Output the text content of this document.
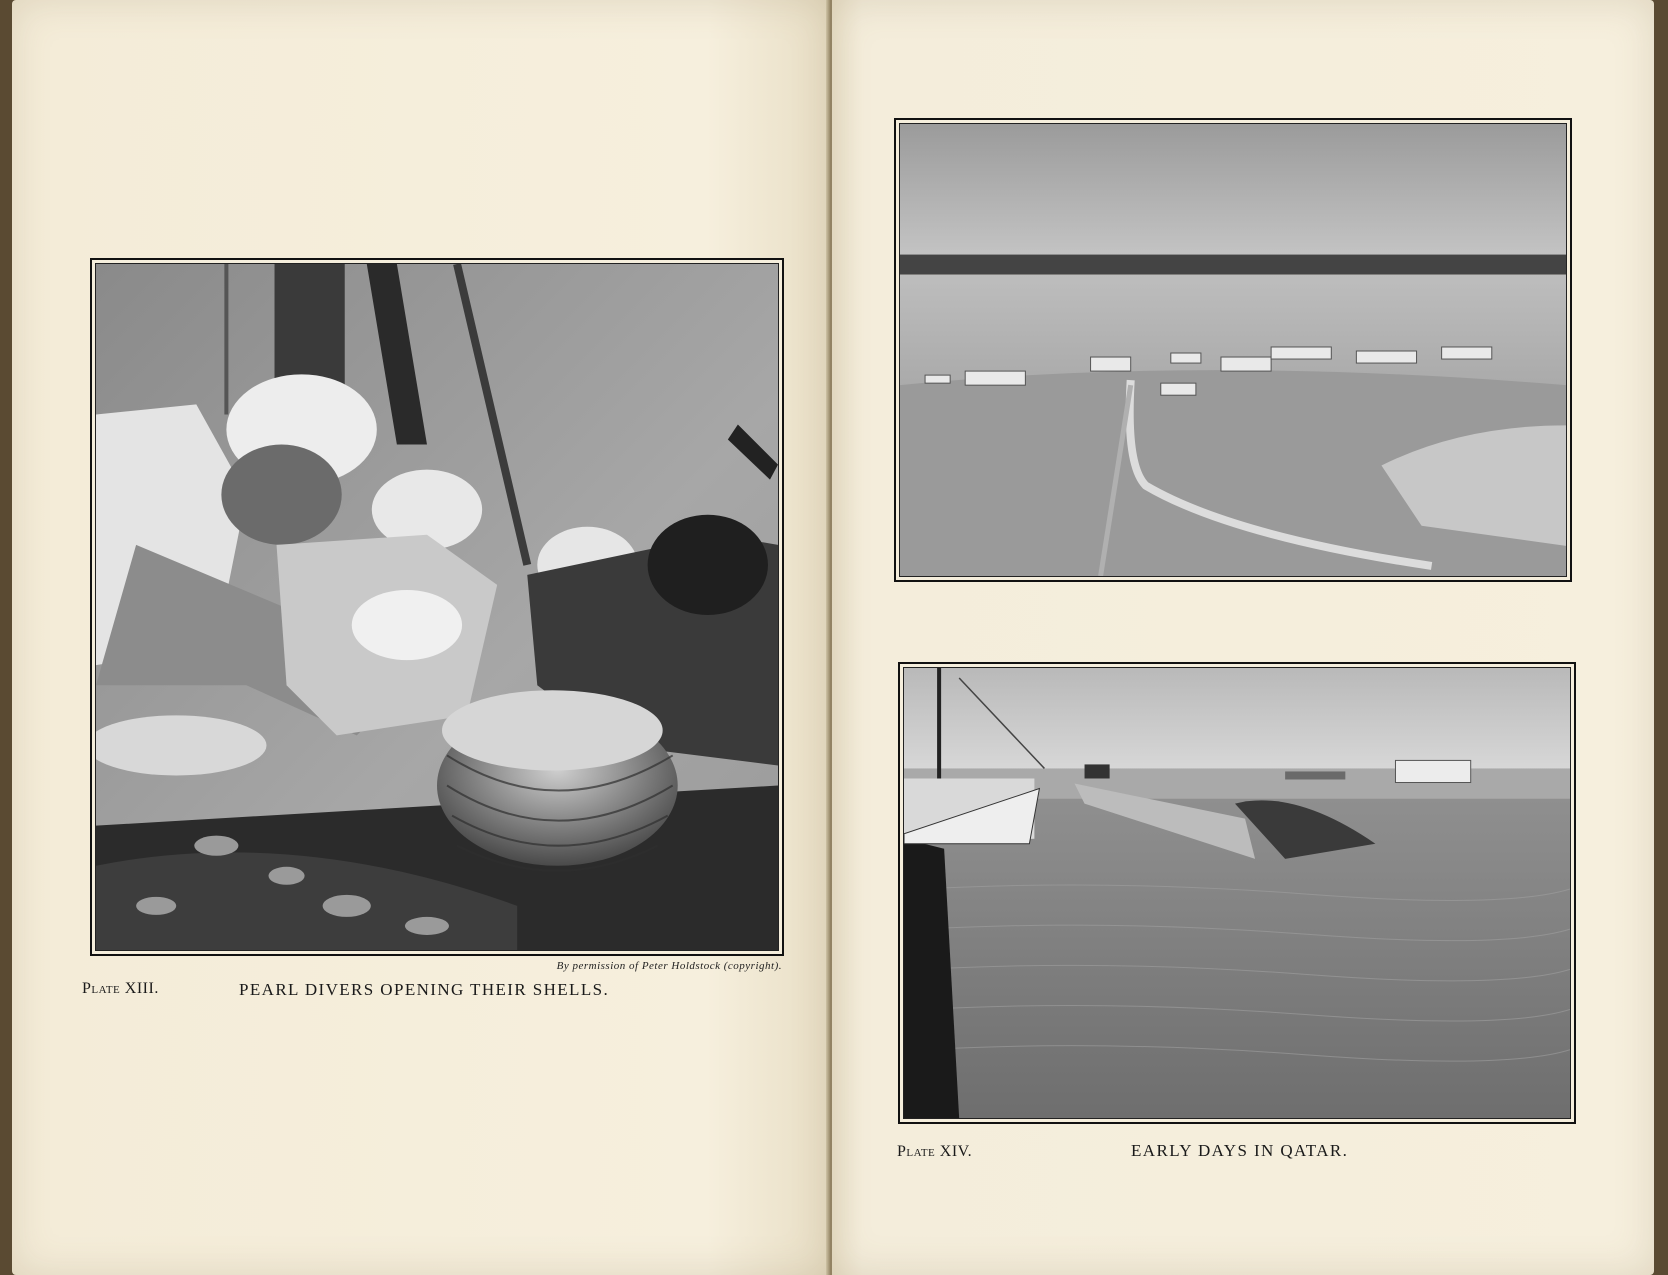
By permission of Peter Holdstock (copyright).
Plate XIII.	PEARL DIVERS OPENING THEIR SHELLS.
Plate XIV.	EARLY DAYS IN QATAR.
